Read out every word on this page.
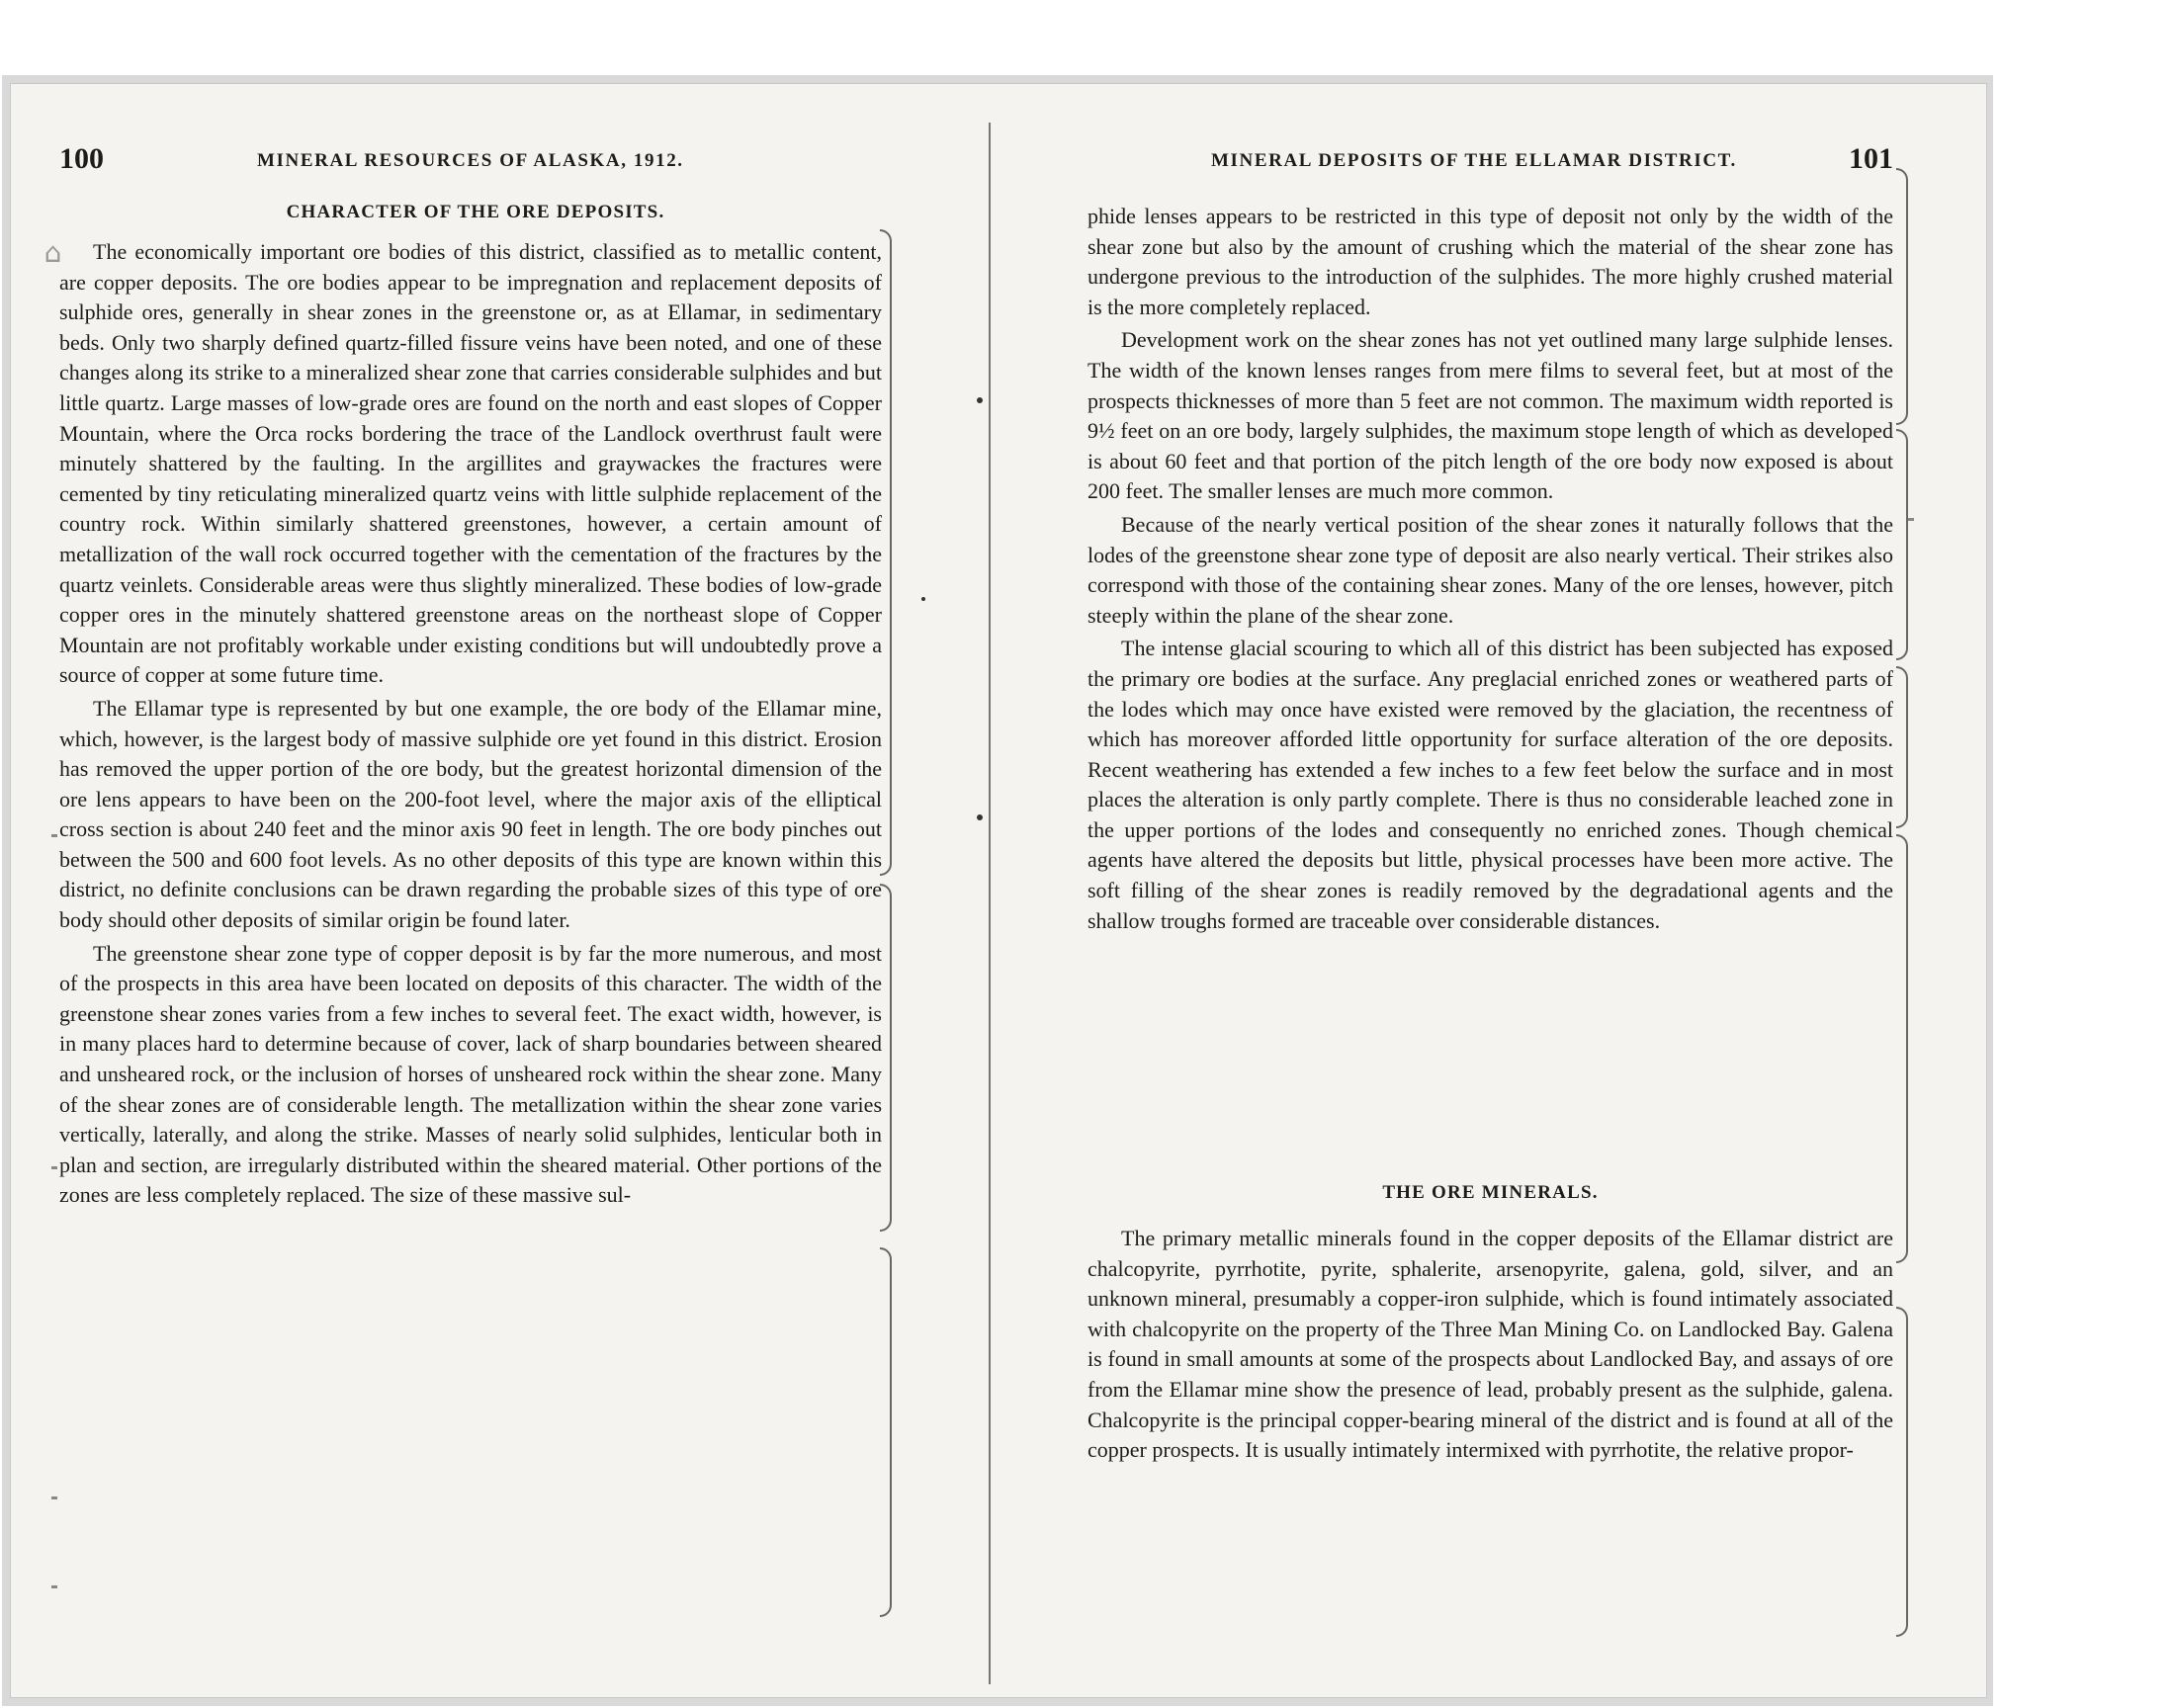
⌂
100	MINERAL RESOURCES OF ALASKA, 1912.
CHARACTER OF THE ORE DEPOSITS.

The economically important ore bodies of this district, classified as to metallic content, are copper deposits. The ore bodies appear to be impregnation and replacement deposits of sulphide ores, generally in shear zones in the greenstone or, as at Ellamar, in sedimentary beds. Only two sharply defined quartz-filled fissure veins have been noted, and one of these changes along its strike to a mineralized shear zone that carries considerable sulphides and but little quartz. Large masses of low-grade ores are found on the north and east slopes of Copper Mountain, where the Orca rocks bordering the trace of the Landlock overthrust fault were minutely shattered by the faulting. In the argillites and graywackes the fractures were cemented by tiny reticulating mineralized quartz veins with little sulphide replacement of the country rock. Within similarly shattered greenstones, however, a certain amount of metallization of the wall rock occurred together with the cementation of the fractures by the quartz veinlets. Considerable areas were thus slightly mineralized. These bodies of low-grade copper ores in the minutely shattered greenstone areas on the northeast slope of Copper Mountain are not profitably workable under existing conditions but will undoubtedly prove a source of copper at some future time.

The Ellamar type is represented by but one example, the ore body of the Ellamar mine, which, however, is the largest body of massive sulphide ore yet found in this district. Erosion has removed the upper portion of the ore body, but the greatest horizontal dimension of the ore lens appears to have been on the 200-foot level, where the major axis of the elliptical cross section is about 240 feet and the minor axis 90 feet in length. The ore body pinches out between the 500 and 600 foot levels. As no other deposits of this type are known within this district, no definite conclusions can be drawn regarding the probable sizes of this type of ore body should other deposits of similar origin be found later.

The greenstone shear zone type of copper deposit is by far the more numerous, and most of the prospects in this area have been located on deposits of this character. The width of the greenstone shear zones varies from a few inches to several feet. The exact width, however, is in many places hard to determine because of cover, lack of sharp boundaries between sheared and unsheared rock, or the inclusion of horses of unsheared rock within the shear zone. Many of the shear zones are of considerable length. The metallization within the shear zone varies vertically, laterally, and along the strike. Masses of nearly solid sulphides, lenticular both in plan and section, are irregularly distributed within the sheared material. Other portions of the zones are less completely replaced. The size of these massive sul-

MINERAL DEPOSITS OF THE ELLAMAR DISTRICT.	101

phide lenses appears to be restricted in this type of deposit not only by the width of the shear zone but also by the amount of crushing which the material of the shear zone has undergone previous to the introduction of the sulphides. The more highly crushed material is the more completely replaced.

Development work on the shear zones has not yet outlined many large sulphide lenses. The width of the known lenses ranges from mere films to several feet, but at most of the prospects thicknesses of more than 5 feet are not common. The maximum width reported is 9½ feet on an ore body, largely sulphides, the maximum stope length of which as developed is about 60 feet and that portion of the pitch length of the ore body now exposed is about 200 feet. The smaller lenses are much more common.

Because of the nearly vertical position of the shear zones it naturally follows that the lodes of the greenstone shear zone type of deposit are also nearly vertical. Their strikes also correspond with those of the containing shear zones. Many of the ore lenses, however, pitch steeply within the plane of the shear zone.

The intense glacial scouring to which all of this district has been subjected has exposed the primary ore bodies at the surface. Any preglacial enriched zones or weathered parts of the lodes which may once have existed were removed by the glaciation, the recentness of which has moreover afforded little opportunity for surface alteration of the ore deposits. Recent weathering has extended a few inches to a few feet below the surface and in most places the alteration is only partly complete. There is thus no considerable leached zone in the upper portions of the lodes and consequently no enriched zones. Though chemical agents have altered the deposits but little, physical processes have been more active. The soft filling of the shear zones is readily removed by the degradational agents and the shallow troughs formed are traceable over considerable distances.

THE ORE MINERALS.

The primary metallic minerals found in the copper deposits of the Ellamar district are chalcopyrite, pyrrhotite, pyrite, sphalerite, arsenopyrite, galena, gold, silver, and an unknown mineral, presumably a copper-iron sulphide, which is found intimately associated with chalcopyrite on the property of the Three Man Mining Co. on Landlocked Bay. Galena is found in small amounts at some of the prospects about Landlocked Bay, and assays of ore from the Ellamar mine show the presence of lead, probably present as the sulphide, galena. Chalcopyrite is the principal copper-bearing mineral of the district and is found at all of the copper prospects. It is usually intimately intermixed with pyrrhotite, the relative propor-
